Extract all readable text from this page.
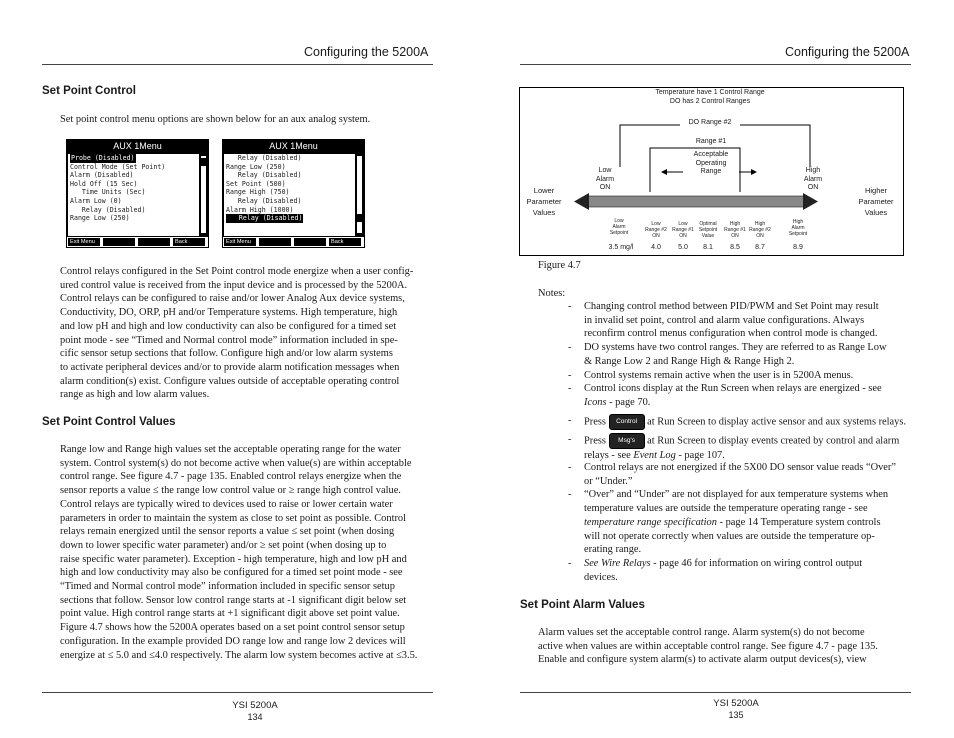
Configuring the 5200A
Set Point Control
Set point control menu options are shown below for an aux analog system.
AUX 1Menu
Probe (Disabled)
Control Mode (Set Point)
Alarm (Disabled)
Hold Off (15 Sec)
Time Units (Sec)
Alarm Low (0)
Relay (Disabled)
Range Low (250)
Exit Menu	Back
AUX 1Menu
Relay (Disabled)
Range Low (250)
Relay (Disabled)
Set Point (500)
Range High (750)
Relay (Disabled)
Alarm High (1000)
Relay (Disabled)
Exit Menu	Back

Control relays configured in the Set Point control mode energize when a user config-

ured control value is received from the input device and is processed by the 5200A.

Control relays can be configured to raise and/or lower Analog Aux device systems,

Conductivity, DO, ORP, pH and/or Temperature systems. High temperature, high

and low pH and high and low conductivity can also be configured for a timed set

point mode - see “Timed and Normal control mode” information included in spe-

cific sensor setup sections that follow. Configure high and/or low alarm systems

to activate peripheral devices and/or to provide alarm notification messages when

alarm condition(s) exist. Configure values outside of acceptable operating control

range as high and low alarm values.

Set Point Control Values

Range low and Range high values set the acceptable operating range for the water

system. Control system(s) do not become active when value(s) are within acceptable

control range. See figure 4.7 - page 135. Enabled control relays energize when the

sensor reports a value ≤ the range low control value or ≥ range high control value.

Control relays are typically wired to devices used to raise or lower certain water

parameters in order to maintain the system as close to set point as possible. Control

relays remain energized until the sensor reports a value ≤ set point (when dosing

down to lower specific water parameter) and/or ≥ set point (when dosing up to

raise specific water parameter). Exception - high temperature, high and low pH and

high and low conductivity may also be configured for a timed set point mode - see

“Timed and Normal control mode” information included in specific sensor setup

sections that follow. Sensor low control range starts at -1 significant digit below set

point value. High control range starts at +1 significant digit above set point value.

Figure 4.7 shows how the 5200A operates based on a set point control sensor setup

configuration. In the example provided DO range low and range low 2 devices will

energize at ≤ 5.0 and ≤4.0 respectively. The alarm low system becomes active at ≤3.5.

YSI 5200A
134
Configuring the 5200A
Temperature have 1 Control Range
DO has 2 Control Ranges
DO Range #2
Range #1
Acceptable
Operating
Range
Low
Alarm
ON
High
Alarm
ON
Lower
Parameter
Values
Higher
Parameter
Values
Low
Alarm
Setpoint
Low
Range #2
ON
Low
Range #1
ON
Optimal
Setpoint
Value
High
Range #1
ON
High
Range #2
ON
High
Alarm
Setpoint
3.5 mg/l	4.0	5.0	8.1	8.5	8.7	8.9
Figure 4.7
Notes:
- Changing control method between PID/PWM and Set Point may result
in invalid set point, control and alarm value configurations. Always
reconfirm control menus configuration when control mode is changed.
- DO systems have two control ranges. They are referred to as Range Low
& Range Low 2 and Range High & Range High 2.
- Control systems remain active when the user is in 5200A menus.
- Control icons display at the Run Screen when relays are energized - see
Icons - page 70.
- Press Control at Run Screen to display active sensor and aux systems relays.
- Press Msg's at Run Screen to display events created by control and alarm
relays - see Event Log - page 107.
- Control relays are not energized if the 5X00 DO sensor value reads “Over”
or “Under.”
- “Over” and “Under” are not displayed for aux temperature systems when
temperature values are outside the temperature operating range - see
temperature range specification - page 14 Temperature system controls
will not operate correctly when values are outside the temperature op-
erating range.
- See Wire Relays - page 46 for information on wiring control output
devices.
Set Point Alarm Values

Alarm values set the acceptable control range. Alarm system(s) do not become

active when values are within acceptable control range. See figure 4.7 - page 135.

Enable and configure system alarm(s) to activate alarm output devices(s), view

YSI 5200A
135
